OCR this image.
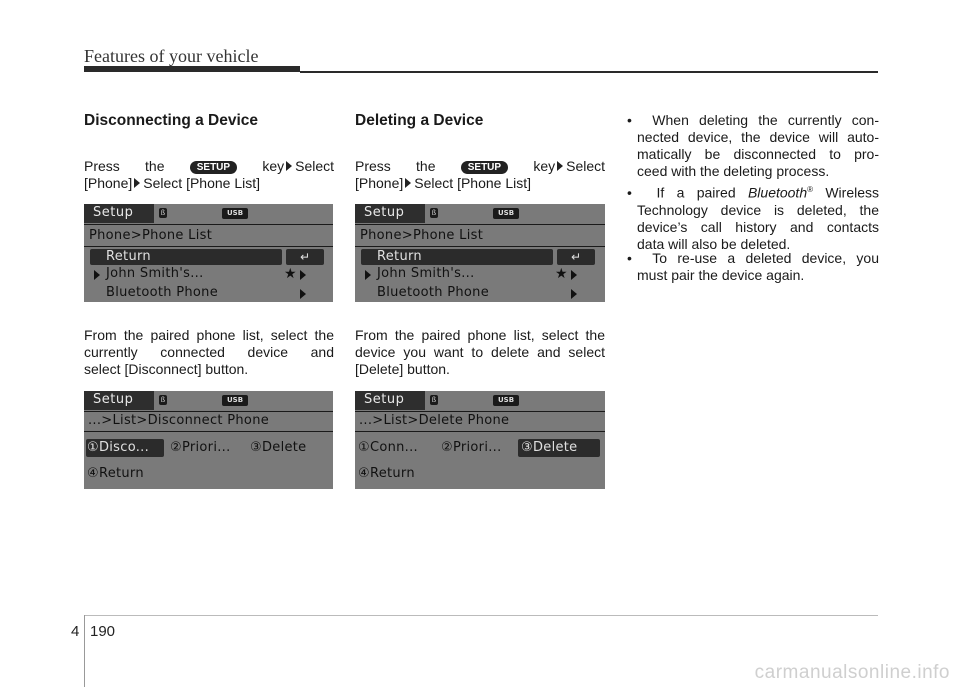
Features of your vehicle
Disconnecting a Device
Press the	SETUP key Select
[Phone] Select [Phone List]
Setup	ß	USB
Phone>Phone List
Return	↵
John Smith's...	★
Bluetooth Phone
From the paired phone list, select the
currently connected device and
select [Disconnect] button.
Setup	ß	USB
...>List>Disconnect Phone
①Disco... ②Priori... ③Delete
④Return
Deleting a Device
Press the	SETUP key Select
[Phone] Select [Phone List]
Setup	ß	USB
Phone>Phone List
Return	↵
John Smith's...	★
Bluetooth Phone
From the paired phone list, select the
device you want to delete and select
[Delete] button.
Setup	ß	USB
...>List>Delete Phone
①Conn... ②Priori... ③Delete
④Return
• When deleting the currently con-
nected device, the device will auto-
matically be disconnected to pro-
ceed with the deleting process.
• If a paired Bluetooth® Wireless
Technology device is deleted, the
device’s call history and contacts
data will also be deleted.
• To re-use a deleted device, you
must pair the device again.
4 190
carmanualsonline.info
